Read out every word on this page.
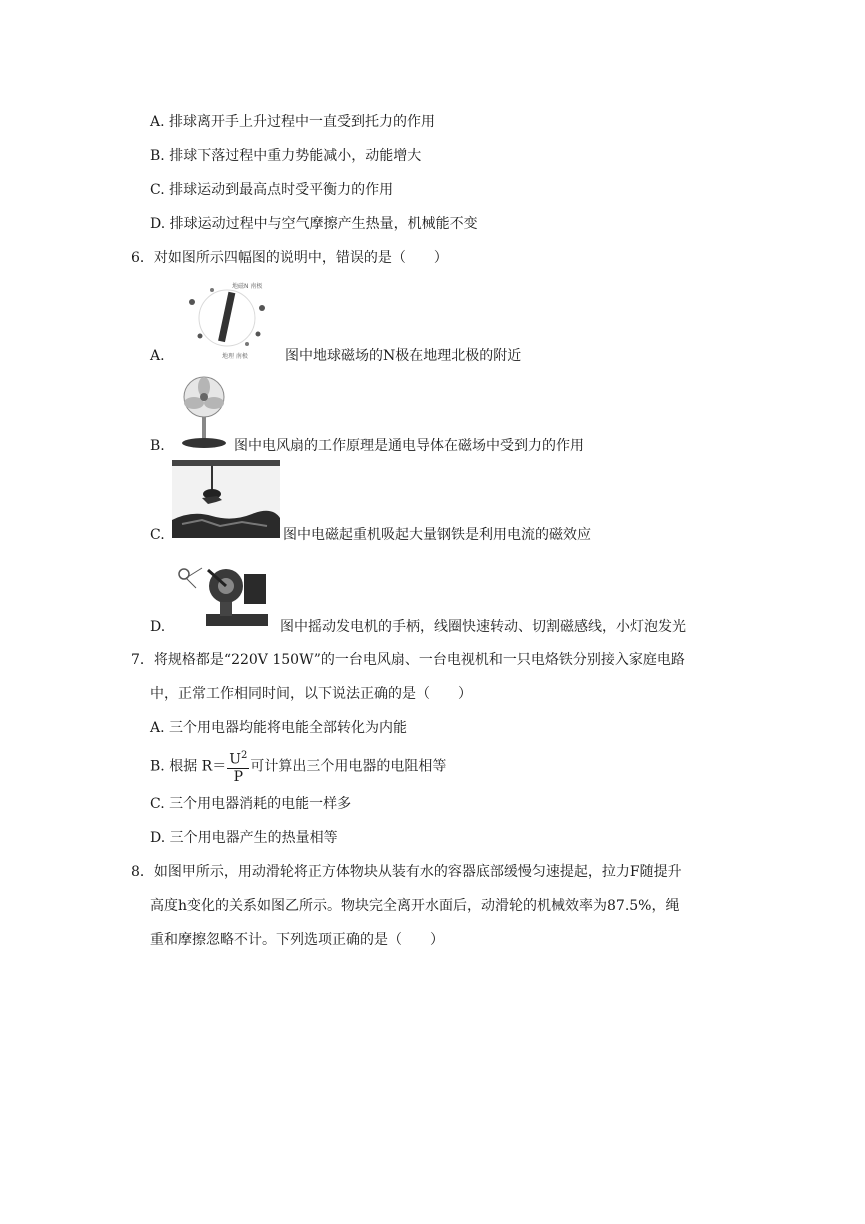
A. 排球离开手上升过程中一直受到托力的作用
B. 排球下落过程中重力势能减小，动能增大
C. 排球运动到最高点时受平衡力的作用
D. 排球运动过程中与空气摩擦产生热量，机械能不变
6．对如图所示四幅图的说明中，错误的是（　　）
A.
地磁N 南极
地理 南极	图中地球磁场的N极在地理北极的附近
B.	图中电风扇的工作原理是通电导体在磁场中受到力的作用
C.	图中电磁起重机吸起大量钢铁是利用电流的磁效应
D.	图中摇动发电机的手柄，线圈快速转动、切割磁感线，小灯泡发光
7．将规格都是“220V 150W”的一台电风扇、一台电视机和一只电烙铁分别接入家庭电路
中，正常工作相同时间，以下说法正确的是（　　）
A. 三个用电器均能将电能全部转化为内能
B. 根据 $R= \frac{U^2}{P}$ 可计算出三个用电器的电阻相等
C. 三个用电器消耗的电能一样多
D. 三个用电器产生的热量相等
8．如图甲所示，用动滑轮将正方体物块从装有水的容器底部缓慢匀速提起，拉力F随提升
高度h变化的关系如图乙所示。物块完全离开水面后，动滑轮的机械效率为87.5%，绳
重和摩擦忽略不计。下列选项正确的是（　　）
